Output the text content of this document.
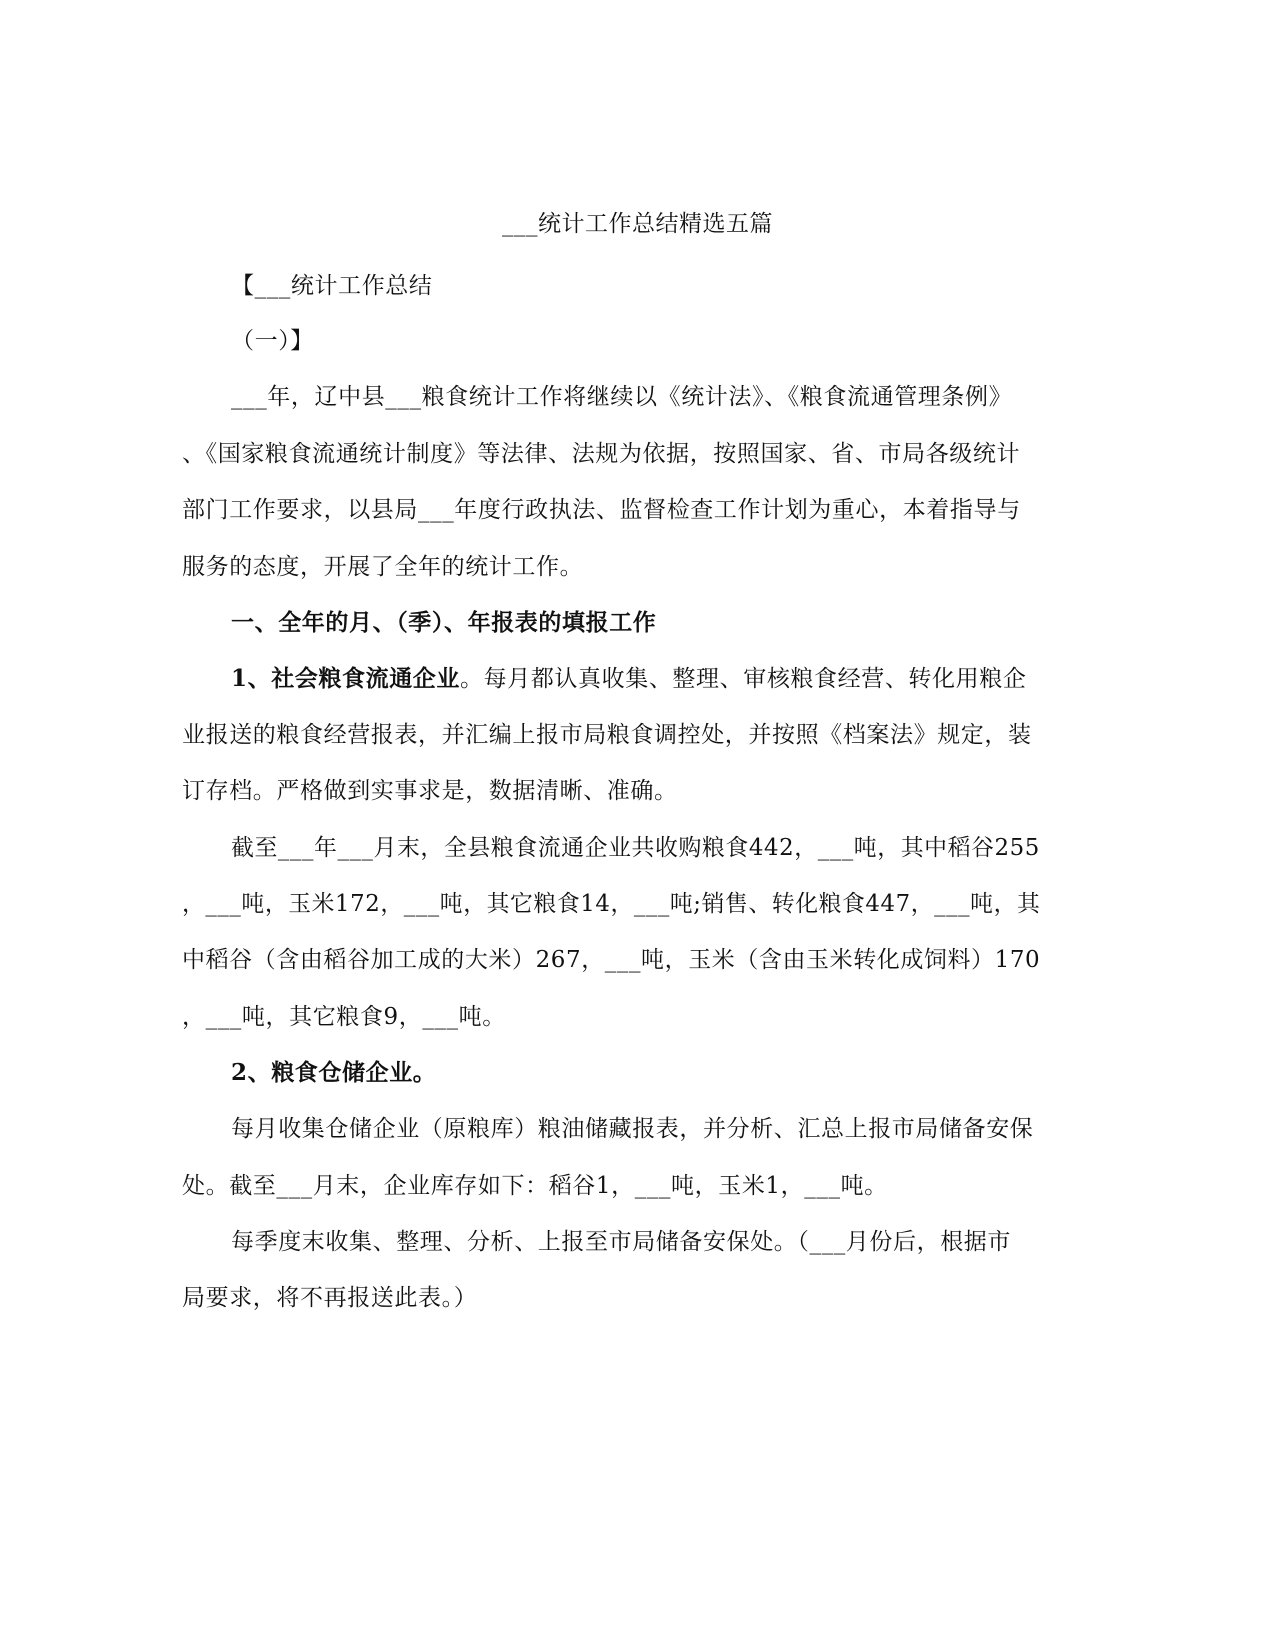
___统计工作总结精选五篇
【___统计工作总结
（一）】
___年，辽中县___粮食统计工作将继续以《统计法》、《粮食流通管理条例》
、《国家粮食流通统计制度》等法律、法规为依据，按照国家、省、市局各级统计
部门工作要求，以县局___年度行政执法、监督检查工作计划为重心，本着指导与
服务的态度，开展了全年的统计工作。
一、全年的月、（季）、年报表的填报工作
1、社会粮食流通企业。每月都认真收集、整理、审核粮食经营、转化用粮企
业报送的粮食经营报表，并汇编上报市局粮食调控处，并按照《档案法》规定，装
订存档。严格做到实事求是，数据清晰、准确。
截至___年___月末，全县粮食流通企业共收购粮食442，___吨，其中稻谷255
，___吨，玉米172，___吨，其它粮食14，___吨;销售、转化粮食447，___吨，其
中稻谷（含由稻谷加工成的大米）267，___吨，玉米（含由玉米转化成饲料）170
，___吨，其它粮食9，___吨。
2、粮食仓储企业。
每月收集仓储企业（原粮库）粮油储藏报表，并分析、汇总上报市局储备安保
处。截至___月末，企业库存如下：稻谷1，___吨，玉米1，___吨。
每季度末收集、整理、分析、上报至市局储备安保处。（___月份后，根据市
局要求，将不再报送此表。）
